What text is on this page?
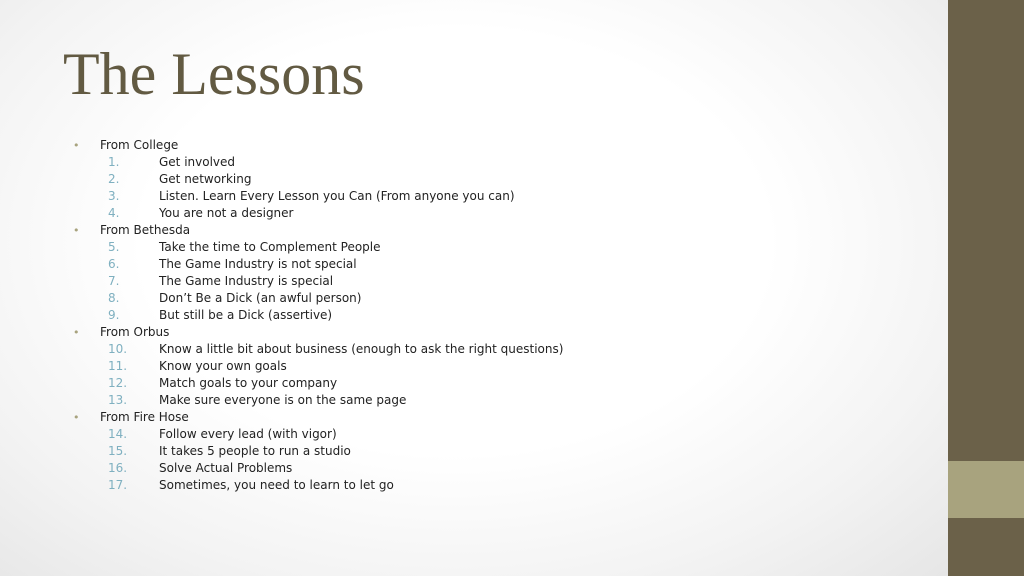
The Lessons
• From College
1.	Get involved
2.	Get networking
3.	Listen. Learn Every Lesson you Can (From anyone you can)
4.	You are not a designer
• From Bethesda
5.	Take the time to Complement People
6.	The Game Industry is not special
7.	The Game Industry is special
8.	Don’t Be a Dick (an awful person)
9.	But still be a Dick (assertive)
• From Orbus
10.	Know a little bit about business (enough to ask the right questions)
11.	Know your own goals
12.	Match goals to your company
13.	Make sure everyone is on the same page
• From Fire Hose
14.	Follow every lead (with vigor)
15.	It takes 5 people to run a studio
16.	Solve Actual Problems
17.	Sometimes, you need to learn to let go
